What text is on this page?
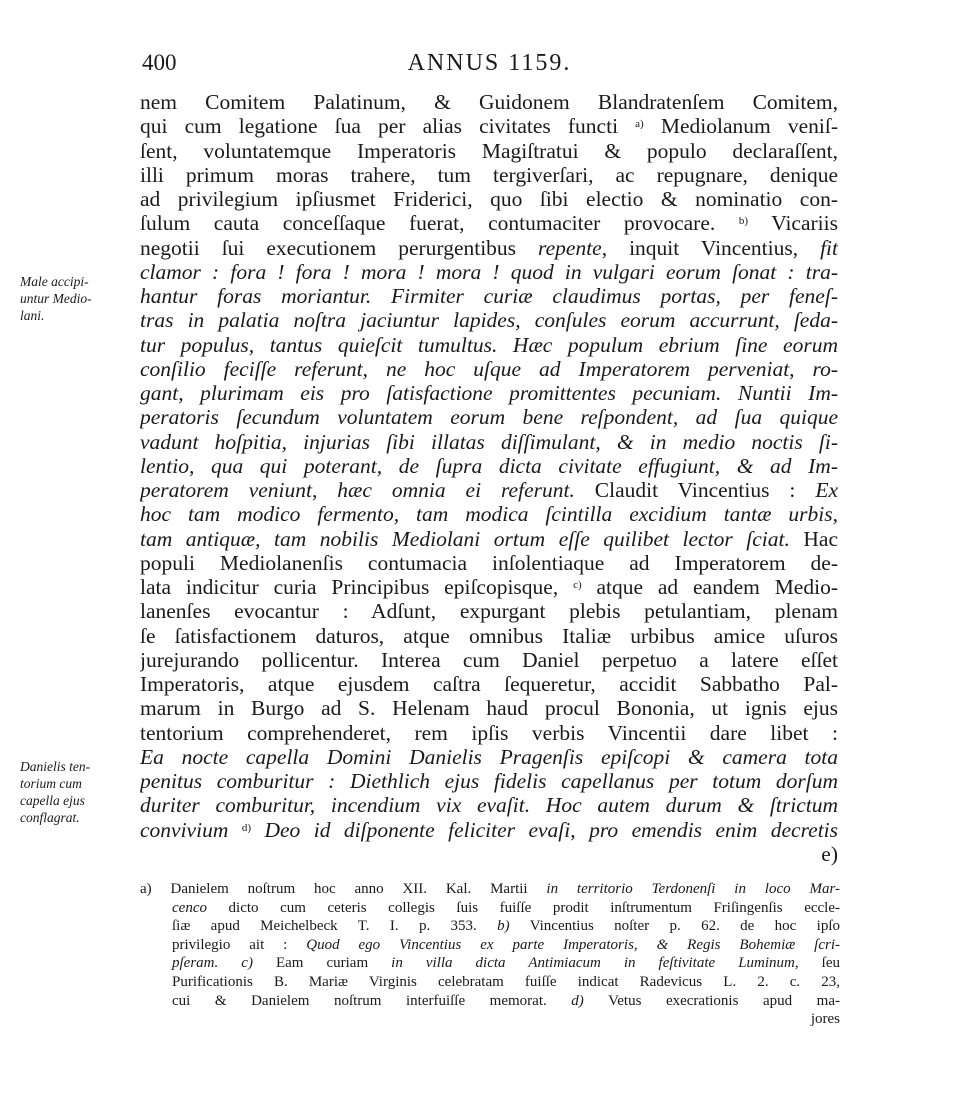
400	ANNUS 1159.
nem Comitem Palatinum, & Guidonem Blandratenſem Comitem,
qui cum legatione ſua per alias civitates functi $^{a)}$ Mediolanum veniſ-
ſent, voluntatemque Imperatoris Magiſtratui & populo declaraſſent,
illi primum moras trahere, tum tergiverſari, ac repugnare, denique
ad privilegium ipſiusmet Friderici, quo ſibi electio & nominatio con-
ſulum cauta conceſſaque fuerat, contumaciter provocare. $^{b)}$ Vicariis
negotii ſui executionem perurgentibus repente, inquit Vincentius, fit
clamor : fora ! fora ! mora ! mora ! quod in vulgari eorum ſonat : tra-
hantur foras moriantur. Firmiter curiæ claudimus portas, per feneſ-
tras in palatia noſtra jaciuntur lapides, conſules eorum accurrunt, ſeda-
tur populus, tantus quieſcit tumultus. Hæc populum ebrium ſine eorum
conſilio feciſſe referunt, ne hoc uſque ad Imperatorem perveniat, ro-
gant, plurimam eis pro ſatisfactione promittentes pecuniam. Nuntii Im-
peratoris ſecundum voluntatem eorum bene reſpondent, ad ſua quique
vadunt hoſpitia, injurias ſibi illatas diſſimulant, & in medio noctis ſi-
lentio, qua qui poterant, de ſupra dicta civitate effugiunt, & ad Im-
peratorem veniunt, hæc omnia ei referunt. Claudit Vincentius : Ex
hoc tam modico fermento, tam modica ſcintilla excidium tantæ urbis,
tam antiquæ, tam nobilis Mediolani ortum eſſe quilibet lector ſciat. Hac
populi Mediolanenſis contumacia inſolentiaque ad Imperatorem de-
lata indicitur curia Principibus epiſcopisque, $^{c)}$ atque ad eandem Medio-
lanenſes evocantur : Adſunt, expurgant plebis petulantiam, plenam
ſe ſatisfactionem daturos, atque omnibus Italiæ urbibus amice uſuros
jurejurando pollicentur. Interea cum Daniel perpetuo a latere eſſet
Imperatoris, atque ejusdem caſtra ſequeretur, accidit Sabbatho Pal-
marum in Burgo ad S. Helenam haud procul Bononia, ut ignis ejus
tentorium comprehenderet, rem ipſis verbis Vincentii dare libet :
Ea nocte capella Domini Danielis Pragenſis epiſcopi & camera tota
penitus comburitur : Diethlich ejus fidelis capellanus per totum dorſum
duriter comburitur, incendium vix evaſit. Hoc autem durum & ſtrictum
convivium $^{d)}$ Deo id diſponente feliciter evaſi, pro emendis enim decretis
e)
Male accipi-
untur Medio-
lani.
Danielis ten-
torium cum
capella ejus
conflagrat.
a) Danielem noſtrum hoc anno XII. Kal. Martii in territorio Terdonenſi in loco Mar-
cenco dicto cum ceteris collegis ſuis fuiſſe prodit inſtrumentum Friſingenſis eccle-
ſiæ apud Meichelbeck T. I. p. 353. b) Vincentius noſter p. 62. de hoc ipſo
privilegio ait : Quod ego Vincentius ex parte Imperatoris, & Regis Bohemiæ ſcri-
pſeram. c) Eam curiam in villa dicta Antimiacum in feſtivitate Luminum, ſeu
Purificationis B. Mariæ Virginis celebratam fuiſſe indicat Radevicus L. 2. c. 23,
cui & Danielem noſtrum interfuiſſe memorat. d) Vetus execrationis apud ma-
jores
